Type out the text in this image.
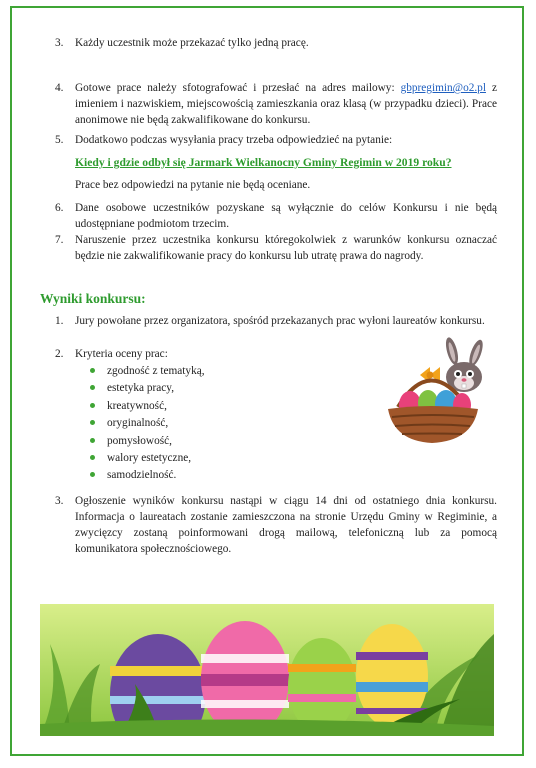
3. Każdy uczestnik może przekazać tylko jedną pracę.
4. Gotowe prace należy sfotografować i przesłać na adres mailowy: gbpregimin@o2.pl z imieniem i nazwiskiem, miejscowością zamieszkania oraz klasą (w przypadku dzieci). Prace anonimowe nie będą zakwalifikowane do konkursu.
5. Dodatkowo podczas wysyłania pracy trzeba odpowiedzieć na pytanie:
Kiedy i gdzie odbył się Jarmark Wielkanocny Gminy Regimin w 2019 roku?
Prace bez odpowiedzi na pytanie nie będą oceniane.
6. Dane osobowe uczestników pozyskane są wyłącznie do celów Konkursu i nie będą udostępniane podmiotom trzecim.
7. Naruszenie przez uczestnika konkursu któregokolwiek z warunków konkursu oznaczać będzie nie zakwalifikowanie pracy do konkursu lub utratę prawa do nagrody.
Wyniki konkursu:
1. Jury powołane przez organizatora, spośród przekazanych prac wyłoni laureatów konkursu.
2. Kryteria oceny prac:
zgodność z tematyką,
estetyka pracy,
kreatywność,
oryginalność,
pomysłowość,
walory estetyczne,
samodzielność.
3. Ogłoszenie wyników konkursu nastąpi w ciągu 14 dni od ostatniego dnia konkursu. Informacja o laureatach zostanie zamieszczona na stronie Urzędu Gminy w Regiminie, a zwycięzcy zostaną poinformowani drogą mailową, telefoniczną lub za pomocą komunikatora społecznościowego.
